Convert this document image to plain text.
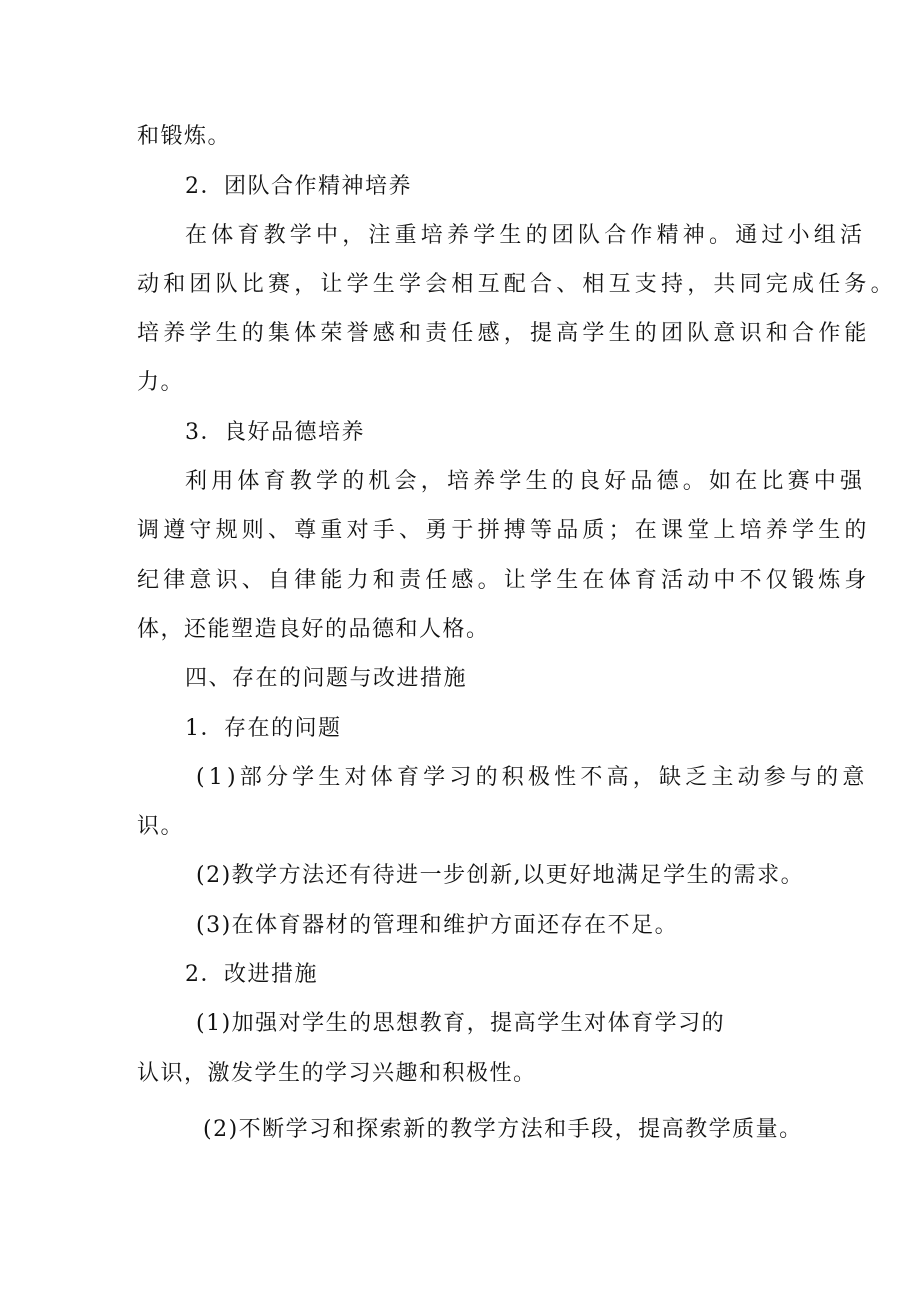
和锻炼。
2．团队合作精神培养
在体育教学中，注重培养学生的团队合作精神。通过小组活
动和团队比赛，让学生学会相互配合、相互支持，共同完成任务。
培养学生的集体荣誉感和责任感，提高学生的团队意识和合作能
力。
3．良好品德培养
利用体育教学的机会，培养学生的良好品德。如在比赛中强
调遵守规则、尊重对手、勇于拼搏等品质；在课堂上培养学生的
纪律意识、自律能力和责任感。让学生在体育活动中不仅锻炼身
体，还能塑造良好的品德和人格。
四、存在的问题与改进措施
1．存在的问题
(1)部分学生对体育学习的积极性不高，缺乏主动参与的意
识。
(2)教学方法还有待进一步创新,以更好地满足学生的需求。
(3)在体育器材的管理和维护方面还存在不足。
2．改进措施
(1)加强对学生的思想教育，提高学生对体育学习的
认识，激发学生的学习兴趣和积极性。
(2)不断学习和探索新的教学方法和手段，提高教学质量。
